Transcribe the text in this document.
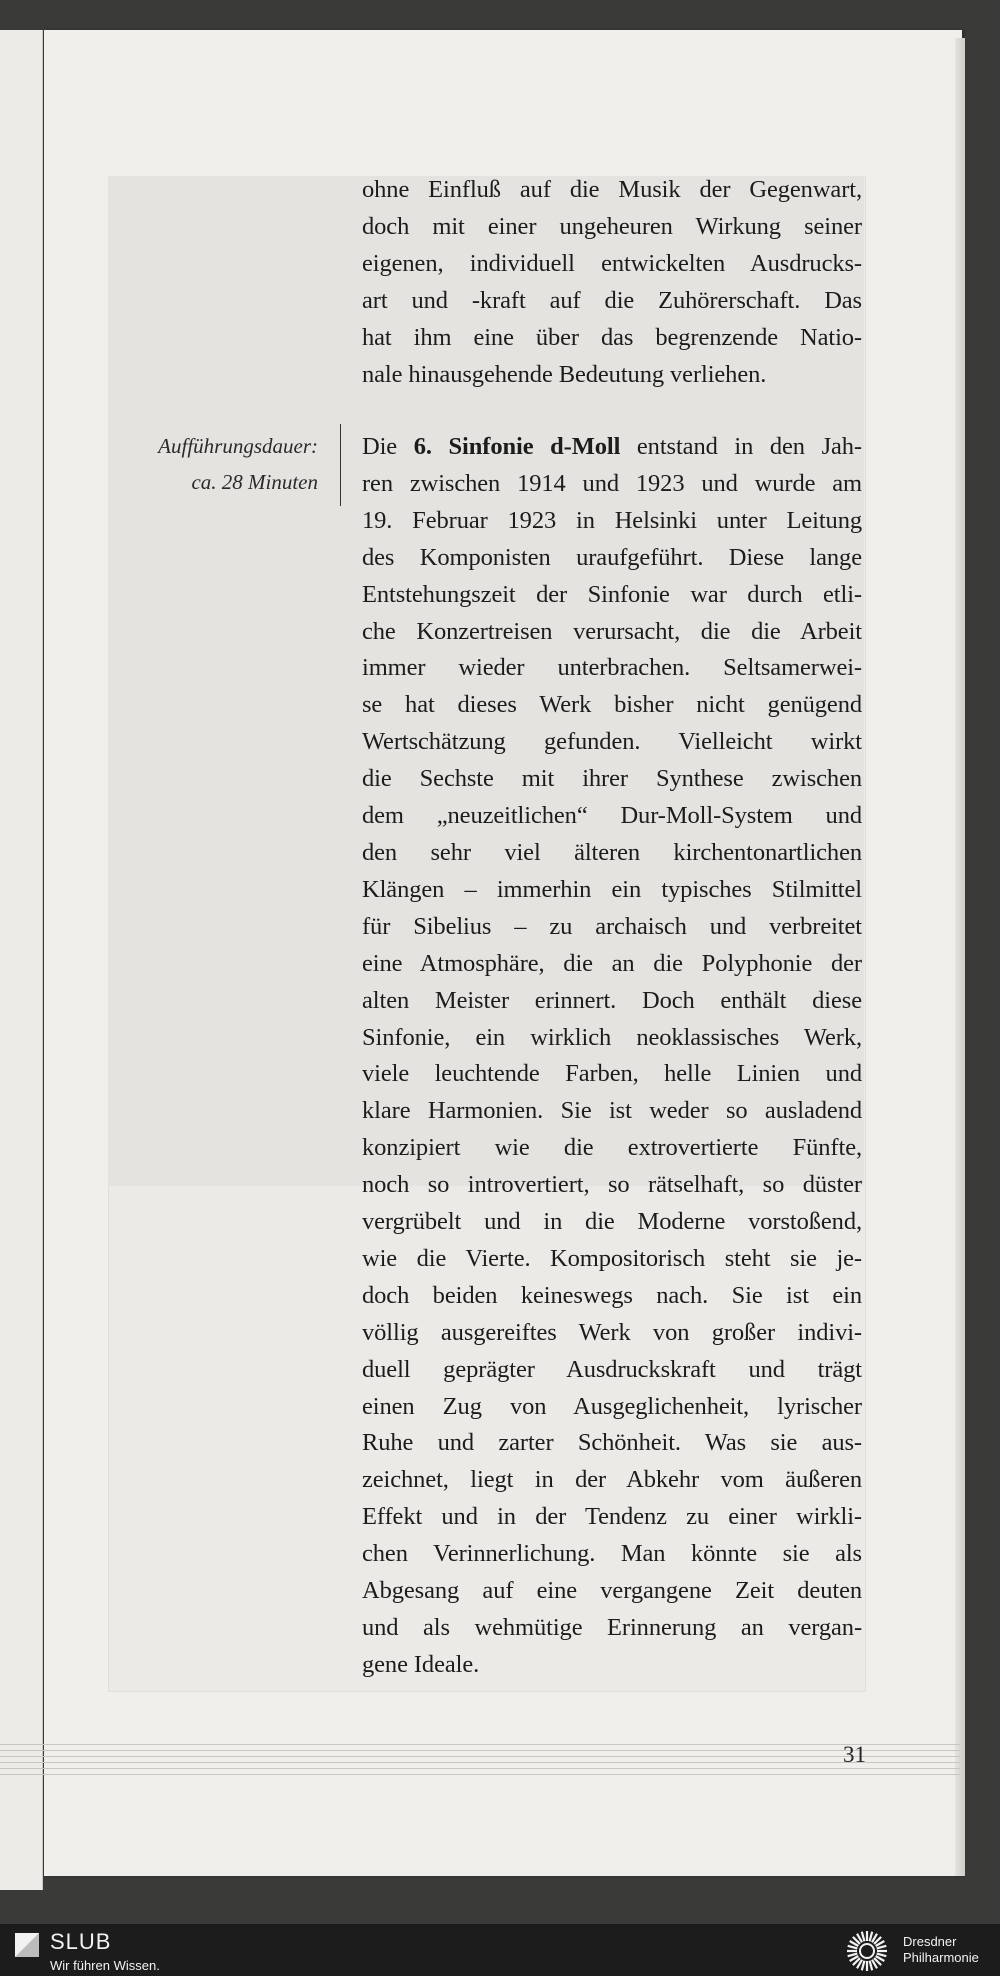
ohne Einfluß auf die Musik der Gegenwart,
doch mit einer ungeheuren Wirkung seiner
eigenen, individuell entwickelten Ausdrucks-
art und -kraft auf die Zuhörerschaft. Das
hat ihm eine über das begrenzende Natio-
nale hinausgehende Bedeutung verliehen.
Aufführungsdauer:
ca. 28 Minuten
Die 6. Sinfonie d-Moll entstand in den Jah-
ren zwischen 1914 und 1923 und wurde am
19. Februar 1923 in Helsinki unter Leitung
des Komponisten uraufgeführt. Diese lange
Entstehungszeit der Sinfonie war durch etli-
che Konzertreisen verursacht, die die Arbeit
immer wieder unterbrachen. Seltsamerwei-
se hat dieses Werk bisher nicht genügend
Wertschätzung gefunden. Vielleicht wirkt
die Sechste mit ihrer Synthese zwischen
dem „neuzeitlichen“ Dur-Moll-System und
den sehr viel älteren kirchentonartlichen
Klängen – immerhin ein typisches Stilmittel
für Sibelius – zu archaisch und verbreitet
eine Atmosphäre, die an die Polyphonie der
alten Meister erinnert. Doch enthält diese
Sinfonie, ein wirklich neoklassisches Werk,
viele leuchtende Farben, helle Linien und
klare Harmonien. Sie ist weder so ausladend
konzipiert wie die extrovertierte Fünfte,
noch so introvertiert, so rätselhaft, so düster
vergrübelt und in die Moderne vorstoßend,
wie die Vierte. Kompositorisch steht sie je-
doch beiden keineswegs nach. Sie ist ein
völlig ausgereiftes Werk von großer indivi-
duell geprägter Ausdruckskraft und trägt
einen Zug von Ausgeglichenheit, lyrischer
Ruhe und zarter Schönheit. Was sie aus-
zeichnet, liegt in der Abkehr vom äußeren
Effekt und in der Tendenz zu einer wirkli-
chen Verinnerlichung. Man könnte sie als
Abgesang auf eine vergangene Zeit deuten
und als wehmütige Erinnerung an vergan-
gene Ideale.
31
SLUB
Wir führen Wissen.
Dresdner
Philharmonie
